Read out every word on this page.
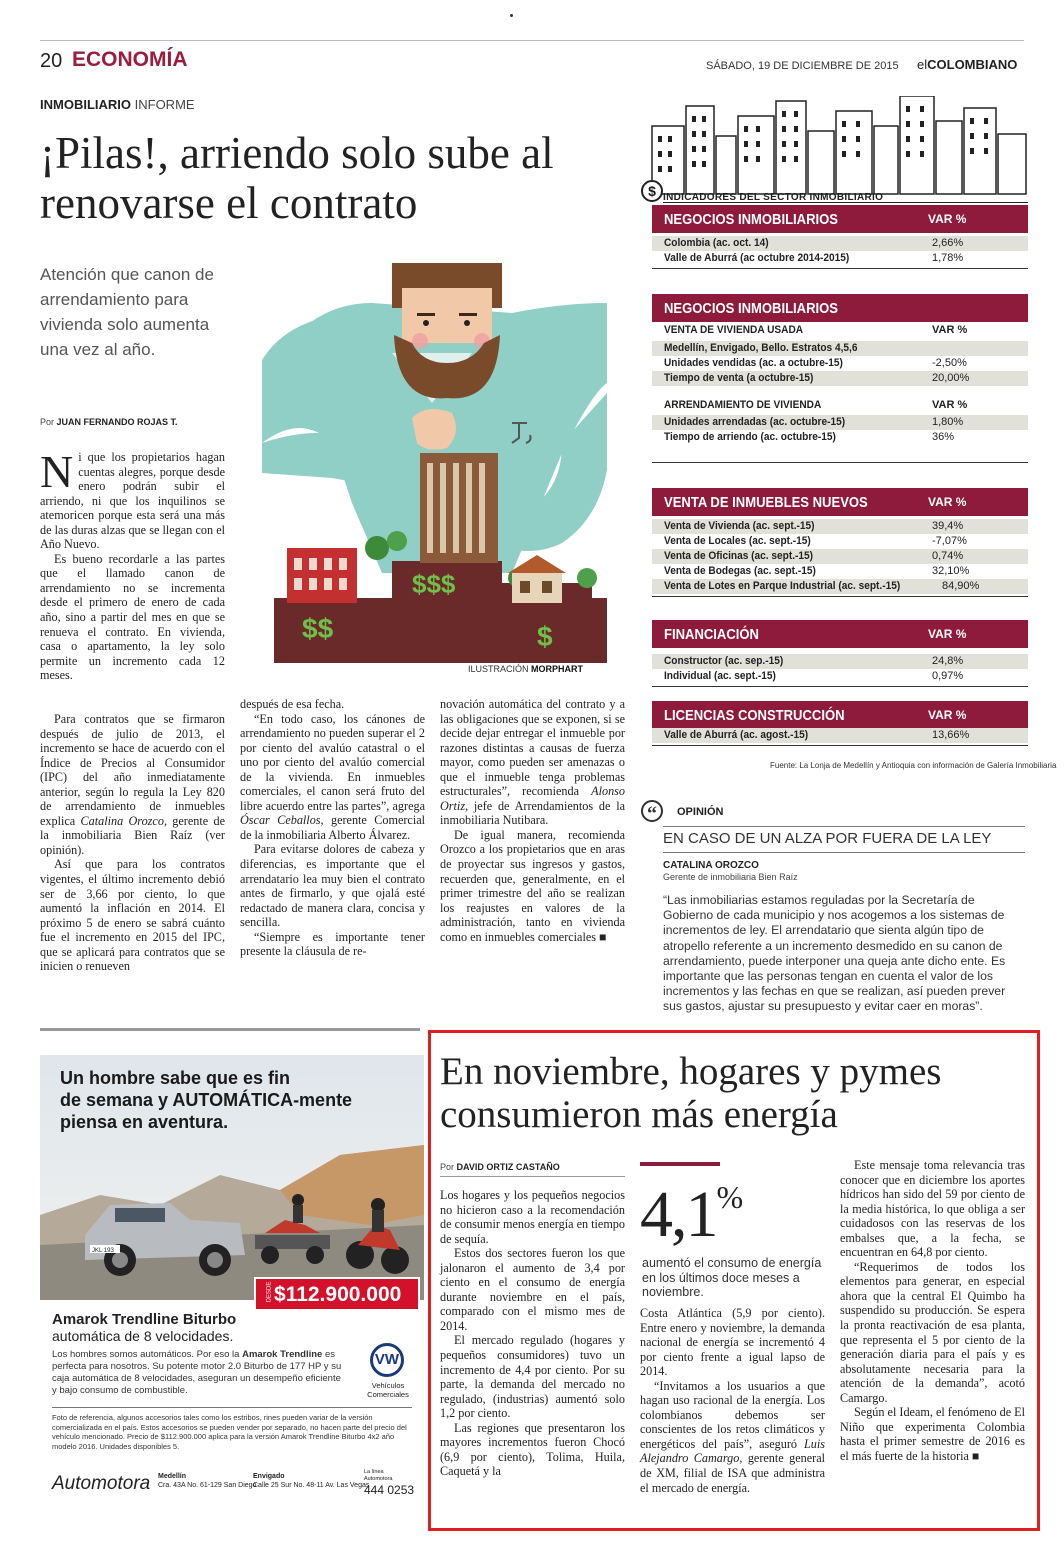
20 ECONOMÍA	SÁBADO, 19 DE DICIEMBRE DE 2015 elCOLOMBIANO
INMOBILIARIO INFORME
¡Pilas!, arriendo solo sube al renovarse el contrato
Atención que canon de arrendamiento para vivienda solo aumenta una vez al año.
Por JUAN FERNANDO ROJAS T.
$$$
$$	$
ILUSTRACIÓN MORPHART

Ni que los propietarios hagan cuentas alegres, porque desde enero podrán subir el arriendo, ni que los inquilinos se atemoricen porque esta será una más de las duras alzas que se llegan con el Año Nuevo.

Es bueno recordarle a las partes que el llamado canon de arrendamiento no se incrementa desde el primero de enero de cada año, sino a partir del mes en que se renueva el contrato. En vivienda, casa o apartamento, la ley solo permite un incremento cada 12 meses.

Para contratos que se firmaron después de julio de 2013, el incremento se hace de acuerdo con el Índice de Precios al Consumidor (IPC) del año inmediatamente anterior, según lo regula la Ley 820 de arrendamiento de inmuebles explica Catalina Orozco, gerente de la inmobiliaria Bien Raíz (ver opinión).

Así que para los contratos vigentes, el último incremento debió ser de 3,66 por ciento, lo que aumentó la inflación en 2014. El próximo 5 de enero se sabrá cuánto fue el incremento en 2015 del IPC, que se aplicará para contratos que se inicien o renueven

después de esa fecha.

“En todo caso, los cánones de arrendamiento no pueden superar el 2 por ciento del avalúo catastral o el uno por ciento del avalúo comercial de la vivienda. En inmuebles comerciales, el canon será fruto del libre acuerdo entre las partes”, agrega Óscar Ceballos, gerente Comercial de la inmobiliaria Alberto Álvarez.

Para evitarse dolores de cabeza y diferencias, es importante que el arrendatario lea muy bien el contrato antes de firmarlo, y que ojalá esté redactado de manera clara, concisa y sencilla.

“Siempre es importante tener presente la cláusula de re-

novación automática del contrato y a las obligaciones que se exponen, si se decide dejar entregar el inmueble por razones distintas a causas de fuerza mayor, como pueden ser amenazas o que el inmueble tenga problemas estructurales”, recomienda Alonso Ortiz, jefe de Arrendamientos de la inmobiliaria Nutibara.

De igual manera, recomienda Orozco a los propietarios que en aras de proyectar sus ingresos y gastos, recuerden que, generalmente, en el primer trimestre del año se realizan los reajustes en valores de la administración, tanto en vivienda como en inmuebles comerciales ■

$ INDICADORES DEL SECTOR INMOBILIARIO
NEGOCIOS INMOBILIARIOS	VAR %
Colombia (ac. oct. 14)	2,66%
Valle de Aburrá (ac octubre 2014-2015)	1,78%
NEGOCIOS INMOBILIARIOS
VENTA DE VIVIENDA USADA	VAR %
Medellín, Envigado, Bello. Estratos 4,5,6
Unidades vendidas (ac. a octubre-15)	-2,50%
Tiempo de venta (a octubre-15)	20,00%
ARRENDAMIENTO DE VIVIENDA	VAR %
Unidades arrendadas (ac. octubre-15)	1,80%
Tiempo de arriendo (ac. octubre-15)	36%
VENTA DE INMUEBLES NUEVOS	VAR %
Venta de Vivienda (ac. sept.-15)	39,4%
Venta de Locales (ac. sept.-15)	-7,07%
Venta de Oficinas (ac. sept.-15)	0,74%
Venta de Bodegas (ac. sept.-15)	32,10%
Venta de Lotes en Parque Industrial (ac. sept.-15)	84,90%
FINANCIACIÓN	VAR %
Constructor (ac. sep.-15)	24,8%
Individual (ac. sept.-15)	0,97%
LICENCIAS CONSTRUCCIÓN	VAR %
Valle de Aburrá (ac. agost.-15)	13,66%
Fuente: La Lonja de Medellín y Antioquia con información de Galería Inmobiliaria
“	OPINIÓN
EN CASO DE UN ALZA POR FUERA DE LA LEY
CATALINA OROZCO
Gerente de inmobiliaria Bien Raíz
“Las inmobiliarias estamos reguladas por la Secretaría de Gobierno de cada municipio y nos acogemos a los sistemas de incrementos de ley. El arrendatario que sienta algún tipo de atropello referente a un incremento desmedido en su canon de arrendamiento, puede interponer una queja ante dicho ente. Es importante que las personas tengan en cuenta el valor de los incrementos y las fechas en que se realizan, así pueden prever sus gastos, ajustar su presupuesto y evitar caer en moras”.
JKL 193
Un hombre sabe que es fin
de semana y AUTOMÁTICA-mente
piensa en aventura.
DESDE $112.900.000
Amarok Trendline Biturbo
automática de 8 velocidades.
Los hombres somos automáticos. Por eso la Amarok Trendline es perfecta para nosotros. Su potente motor 2.0 Biturbo de 177 HP y su caja automática de 8 velocidades, aseguran un desempeño eficiente y bajo consumo de combustible.
VW
Vehículos Comerciales
Foto de referencia, algunos accesorios tales como los estribos, rines pueden variar de la versión comercializada en el país. Estos accesorios se pueden vender por separado, no hacen parte del precio del vehículo mencionado. Precio de $112.900.000 aplica para la versión Amarok Trendline Biturbo 4x2 año modelo 2016. Unidades disponibles 5.
Automotora Medellín
Cra. 43A No. 61-129 San Diego
Envigado
Calle 25 Sur No. 48-11 Av. Las Vegas
La línea Automotora
444 0253
En noviembre, hogares y pymes consumieron más energía
Por DAVID ORTIZ CASTAÑO
4,1%
aumentó el consumo de energía en los últimos doce meses a noviembre.

Los hogares y los pequeños negocios no hicieron caso a la recomendación de consumir menos energía en tiempo de sequía.

Estos dos sectores fueron los que jalonaron el aumento de 3,4 por ciento en el consumo de energía durante noviembre en el país, comparado con el mismo mes de 2014.

El mercado regulado (hogares y pequeños consumidores) tuvo un incremento de 4,4 por ciento. Por su parte, la demanda del mercado no regulado, (industrias) aumentó solo 1,2 por ciento.

Las regiones que presentaron los mayores incrementos fueron Chocó (6,9 por ciento), Tolima, Huila, Caquetá y la

Costa Atlántica (5,9 por ciento). Entre enero y noviembre, la demanda nacional de energía se incrementó 4 por ciento frente a igual lapso de 2014.

“Invitamos a los usuarios a que hagan uso racional de la energía. Los colombianos debemos ser conscientes de los retos climáticos y energéticos del país”, aseguró Luis Alejandro Camargo, gerente general de XM, filial de ISA que administra el mercado de energía.

Este mensaje toma relevancia tras conocer que en diciembre los aportes hídricos han sido del 59 por ciento de la media histórica, lo que obliga a ser cuidadosos con las reservas de los embalses que, a la fecha, se encuentran en 64,8 por ciento.

“Requerimos de todos los elementos para generar, en especial ahora que la central El Quimbo ha suspendido su producción. Se espera la pronta reactivación de esa planta, que representa el 5 por ciento de la generación diaria para el país y es absolutamente necesaria para la atención de la demanda”, acotó Camargo.

Según el Ideam, el fenómeno de El Niño que experimenta Colombia hasta el primer semestre de 2016 es el más fuerte de la historia ■
